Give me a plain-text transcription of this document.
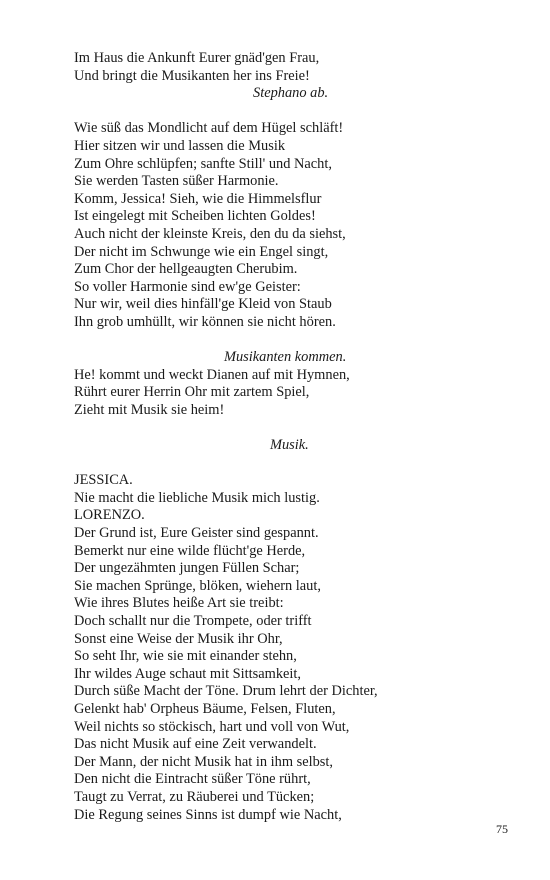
Im Haus die Ankunft Eurer gnäd'gen Frau,
Und bringt die Musikanten her ins Freie!
Stephano ab.
Wie süß das Mondlicht auf dem Hügel schläft!
Hier sitzen wir und lassen die Musik
Zum Ohre schlüpfen; sanfte Still' und Nacht,
Sie werden Tasten süßer Harmonie.
Komm, Jessica! Sieh, wie die Himmelsflur
Ist eingelegt mit Scheiben lichten Goldes!
Auch nicht der kleinste Kreis, den du da siehst,
Der nicht im Schwunge wie ein Engel singt,
Zum Chor der hellgeaugten Cherubim.
So voller Harmonie sind ew'ge Geister:
Nur wir, weil dies hinfäll'ge Kleid von Staub
Ihn grob umhüllt, wir können sie nicht hören.
Musikanten kommen.
He! kommt und weckt Dianen auf mit Hymnen,
Rührt eurer Herrin Ohr mit zartem Spiel,
Zieht mit Musik sie heim!
Musik.
JESSICA.
Nie macht die liebliche Musik mich lustig.
LORENZO.
Der Grund ist, Eure Geister sind gespannt.
Bemerkt nur eine wilde flücht'ge Herde,
Der ungezähmten jungen Füllen Schar;
Sie machen Sprünge, blöken, wiehern laut,
Wie ihres Blutes heiße Art sie treibt:
Doch schallt nur die Trompete, oder trifft
Sonst eine Weise der Musik ihr Ohr,
So seht Ihr, wie sie mit einander stehn,
Ihr wildes Auge schaut mit Sittsamkeit,
Durch süße Macht der Töne. Drum lehrt der Dichter,
Gelenkt hab' Orpheus Bäume, Felsen, Fluten,
Weil nichts so stöckisch, hart und voll von Wut,
Das nicht Musik auf eine Zeit verwandelt.
Der Mann, der nicht Musik hat in ihm selbst,
Den nicht die Eintracht süßer Töne rührt,
Taugt zu Verrat, zu Räuberei und Tücken;
Die Regung seines Sinns ist dumpf wie Nacht,
75
